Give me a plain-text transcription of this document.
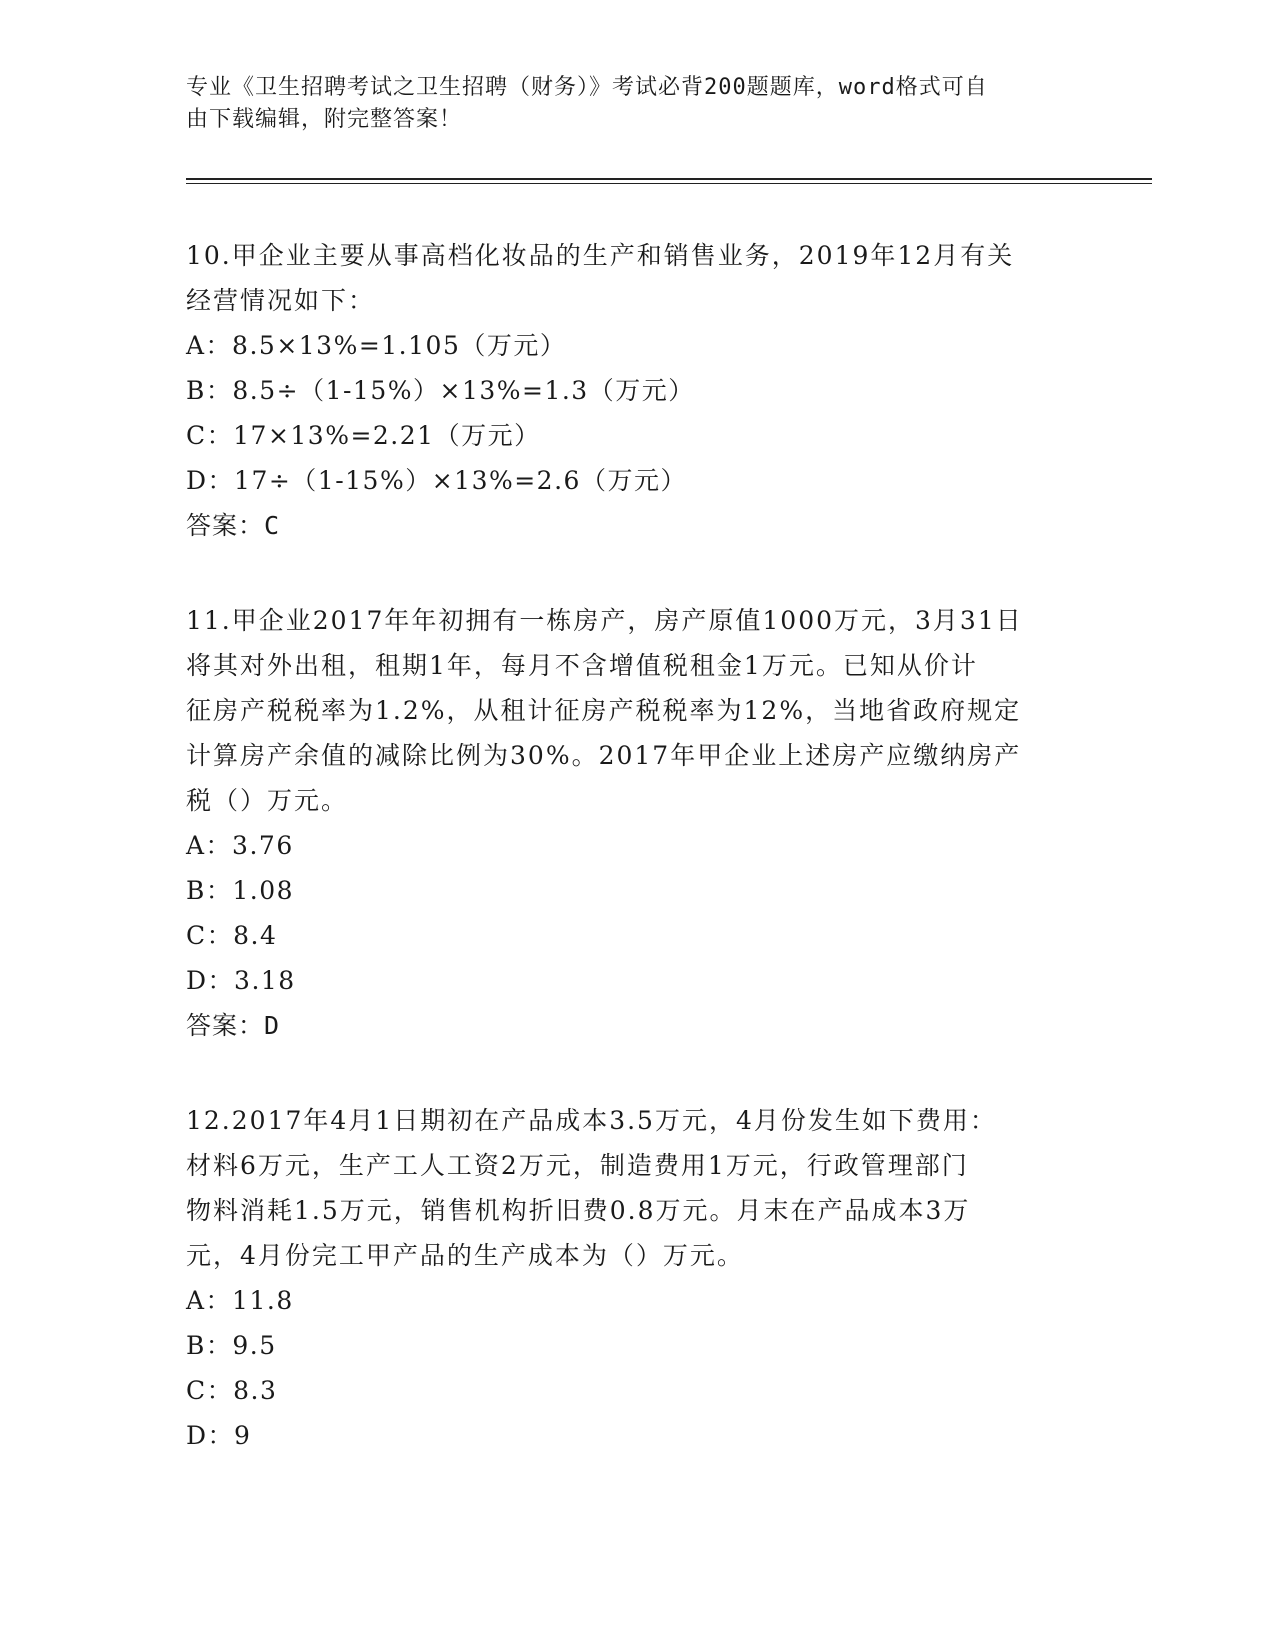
专业《卫生招聘考试之卫生招聘（财务）》考试必背200题题库，word格式可自
由下载编辑，附完整答案！

10.甲企业主要从事高档化妆品的生产和销售业务，2019年12月有关

经营情况如下：

A：8.5×13%=1.105（万元）

B：8.5÷（1-15%）×13%=1.3（万元）

C：17×13%=2.21（万元）

D：17÷（1-15%）×13%=2.6（万元）

答案：C

11.甲企业2017年年初拥有一栋房产，房产原值1000万元，3月31日

将其对外出租，租期1年，每月不含增值税租金1万元。已知从价计

征房产税税率为1.2%，从租计征房产税税率为12%，当地省政府规定

计算房产余值的减除比例为30%。2017年甲企业上述房产应缴纳房产

税（）万元。

A：3.76

B：1.08

C：8.4

D：3.18

答案：D

12.2017年4月1日期初在产品成本3.5万元，4月份发生如下费用：

材料6万元，生产工人工资2万元，制造费用1万元，行政管理部门

物料消耗1.5万元，销售机构折旧费0.8万元。月末在产品成本3万

元，4月份完工甲产品的生产成本为（）万元。

A：11.8

B：9.5

C：8.3

D：9
